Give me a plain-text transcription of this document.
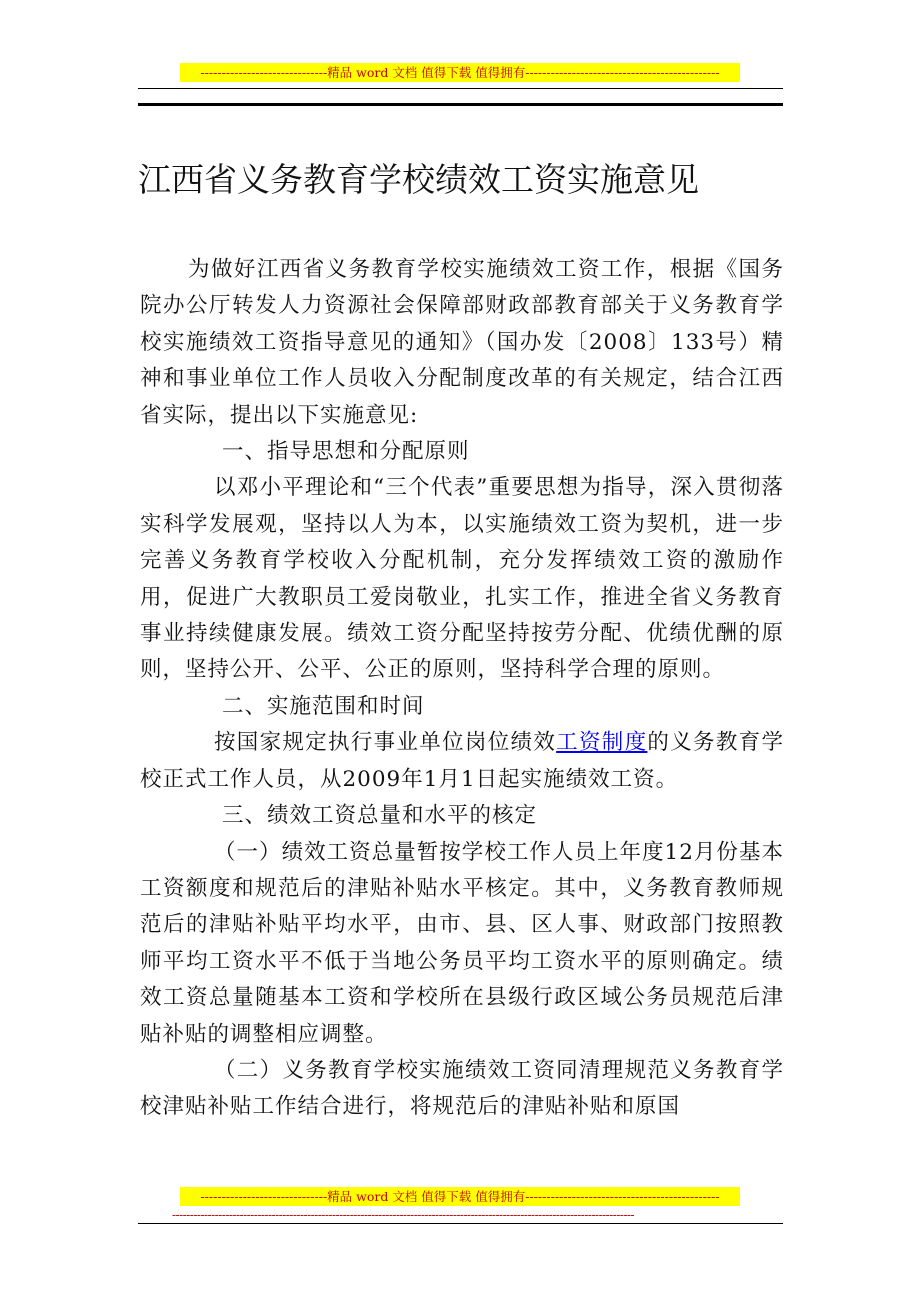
------------------------------精品 word 文档 值得下载 值得拥有----------------------------------------------
江西省义务教育学校绩效工资实施意见

为做好江西省义务教育学校实施绩效工资工作，根据《国务院办公厅转发人力资源社会保障部财政部教育部关于义务教育学校实施绩效工资指导意见的通知》（国办发〔2008〕133号）精神和事业单位工作人员收入分配制度改革的有关规定，结合江西省实际，提出以下实施意见:

一、指导思想和分配原则

以邓小平理论和“三个代表”重要思想为指导，深入贯彻落实科学发展观，坚持以人为本，以实施绩效工资为契机，进一步完善义务教育学校收入分配机制，充分发挥绩效工资的激励作用，促进广大教职员工爱岗敬业，扎实工作，推进全省义务教育事业持续健康发展。绩效工资分配坚持按劳分配、优绩优酬的原则，坚持公开、公平、公正的原则，坚持科学合理的原则。

二、实施范围和时间

按国家规定执行事业单位岗位绩效工资制度的义务教育学校正式工作人员，从2009年1月1日起实施绩效工资。

三、绩效工资总量和水平的核定

（一）绩效工资总量暂按学校工作人员上年度12月份基本工资额度和规范后的津贴补贴水平核定。其中，义务教育教师规范后的津贴补贴平均水平，由市、县、区人事、财政部门按照教师平均工资水平不低于当地公务员平均工资水平的原则确定。绩效工资总量随基本工资和学校所在县级行政区域公务员规范后津贴补贴的调整相应调整。

（二）义务教育学校实施绩效工资同清理规范义务教育学校津贴补贴工作结合进行，将规范后的津贴补贴和原国

------------------------------精品 word 文档 值得下载 值得拥有----------------------------------------------
----------------------------------------------------------------------------------------------------------------------------------
